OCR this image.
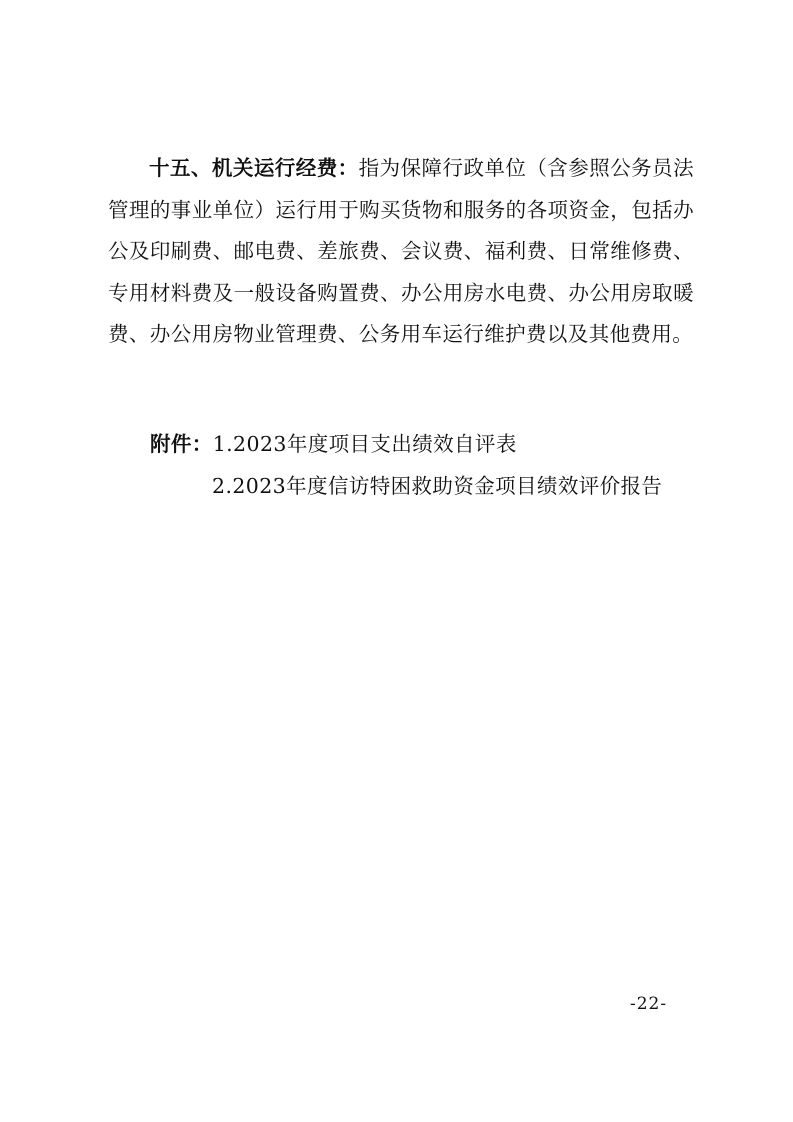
十五、机关运行经费：指为保障行政单位（含参照公务员法管理的事业单位）运行用于购买货物和服务的各项资金，包括办公及印刷费、邮电费、差旅费、会议费、福利费、日常维修费、专用材料费及一般设备购置费、办公用房水电费、办公用房取暖费、办公用房物业管理费、公务用车运行维护费以及其他费用。

附件：1.2023年度项目支出绩效自评表
2.2023年度信访特困救助资金项目绩效评价报告
-22-
